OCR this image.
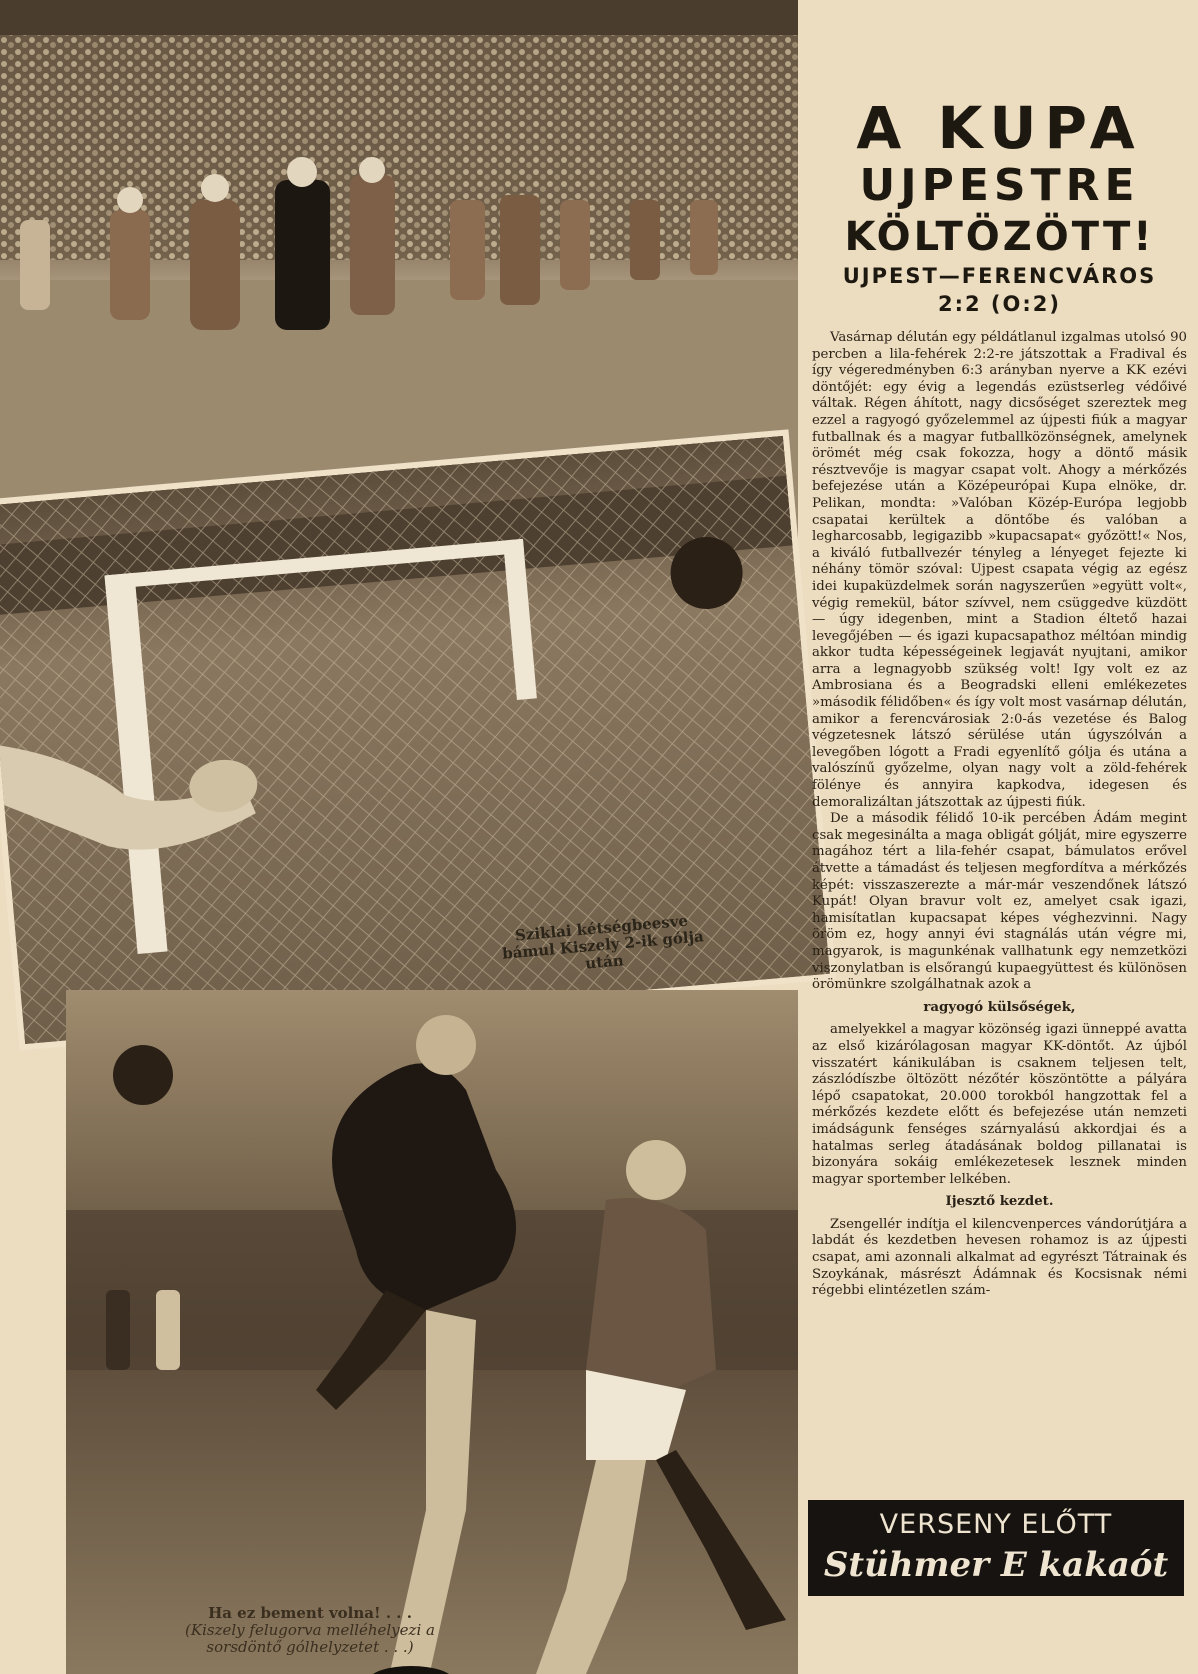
Sziklai kétségbeesve bámul Kiszely 2-ik gólja után
Ha ez bement volna! . . .
(Kiszely felugorva melléhelyezi a sorsdöntő gólhelyzetet . . .)
A KUPA
UJPESTRE
KÖLTÖZÖTT!
UJPEST—FERENCVÁROS
2:2 (O:2)

Vasárnap délután egy példátlanul izgalmas utolsó 90 percben a lila-fehérek 2:2-re játszottak a Fradival és így végeredményben 6:3 arányban nyerve a KK ezévi döntőjét: egy évig a legendás ezüstserleg védőivé váltak. Régen áhított, nagy dicsőséget szereztek meg ezzel a ragyogó győzelemmel az újpesti fiúk a magyar futballnak és a magyar futballközönségnek, amelynek örömét még csak fokozza, hogy a döntő másik résztvevője is magyar csapat volt. Ahogy a mérkőzés befejezése után a Középeurópai Kupa elnöke, dr. Pelikan, mondta: »Valóban Közép-Európa legjobb csapatai kerültek a döntőbe és valóban a legharcosabb, legigazibb »kupacsapat« győzött!« Nos, a kiváló futballvezér tényleg a lényeget fejezte ki néhány tömör szóval: Ujpest csapata végig az egész idei kupaküzdelmek során nagyszerűen »együtt volt«, végig remekül, bátor szívvel, nem csüggedve küzdött — úgy idegenben, mint a Stadion éltető hazai levegőjében — és igazi kupacsapathoz méltóan mindig akkor tudta képességeinek legjavát nyujtani, amikor arra a legnagyobb szükség volt! Igy volt ez az Ambrosiana és a Beogradski elleni emlékezetes »második félidőben« és így volt most vasárnap délután, amikor a ferencvárosiak 2:0-ás vezetése és Balog végzetesnek látszó sérülése után úgyszólván a levegőben lógott a Fradi egyenlítő gólja és utána a valószínű győzelme, olyan nagy volt a zöld-fehérek fölénye és annyira kapkodva, idegesen és demoralizáltan játszottak az újpesti fiúk.

De a második félidő 10-ik percében Ádám megint csak megesinálta a maga obligát gólját, mire egyszerre magához tért a lila-fehér csapat, bámulatos erővel átvette a támadást és teljesen megfordítva a mérkőzés képét: visszaszerezte a már-már veszendőnek látszó Kupát! Olyan bravur volt ez, amelyet csak igazi, hamisítatlan kupacsapat képes véghezvinni. Nagy öröm ez, hogy annyi évi stagnálás után végre mi, magyarok, is magunkénak vallhatunk egy nemzetközi viszonylatban is elsőrangú kupaegyüttest és különösen örömünkre szolgálhatnak azok a

ragyogó külsőségek,

amelyekkel a magyar közönség igazi ünneppé avatta az első kizárólagosan magyar KK-döntőt. Az újból visszatért kánikulában is csaknem teljesen telt, zászlódíszbe öltözött nézőtér köszöntötte a pályára lépő csapatokat, 20.000 torokból hangzottak fel a mérkőzés kezdete előtt és befejezése után nemzeti imádságunk fenséges szárnyalású akkordjai és a hatalmas serleg átadásának boldog pillanatai is bizonyára sokáig emlékezetesek lesznek minden magyar sportember lelkében.

Ijesztő kezdet.

Zsengellér indítja el kilencvenperces vándorútjára a labdát és kezdetben hevesen rohamoz is az újpesti csapat, ami azonnali alkalmat ad egyrészt Tátrainak és Szoykának, másrészt Ádámnak és Kocsisnak némi régebbi elintézetlen szám-

VERSENY ELŐTT
Stühmer E kakaót
